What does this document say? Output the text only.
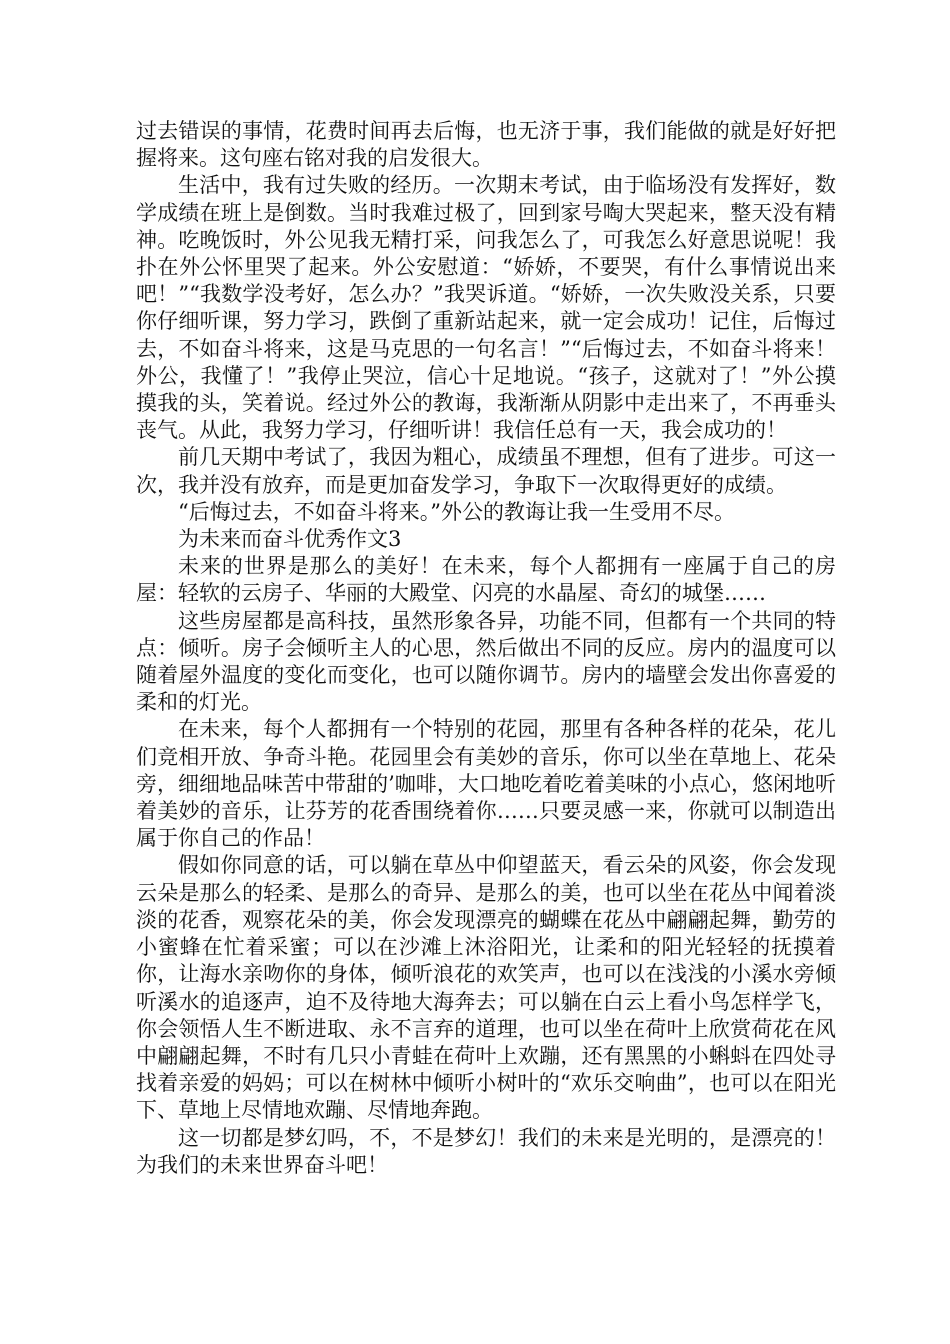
过去错误的事情，花费时间再去后悔，也无济于事，我们能做的就是好好把握将来。这句座右铭对我的启发很大。

生活中，我有过失败的经历。一次期末考试，由于临场没有发挥好，数学成绩在班上是倒数。当时我难过极了，回到家号啕大哭起来，整天没有精神。吃晚饭时，外公见我无精打采，问我怎么了，可我怎么好意思说呢！我扑在外公怀里哭了起来。外公安慰道：“娇娇，不要哭，有什么事情说出来吧！”“我数学没考好，怎么办？”我哭诉道。“娇娇，一次失败没关系，只要你仔细听课，努力学习，跌倒了重新站起来，就一定会成功！记住，后悔过去，不如奋斗将来，这是马克思的一句名言！”“后悔过去，不如奋斗将来！外公，我懂了！”我停止哭泣，信心十足地说。“孩子，这就对了！”外公摸摸我的头，笑着说。经过外公的教诲，我渐渐从阴影中走出来了，不再垂头丧气。从此，我努力学习，仔细听讲！我信任总有一天，我会成功的！

前几天期中考试了，我因为粗心，成绩虽不理想，但有了进步。可这一次，我并没有放弃，而是更加奋发学习，争取下一次取得更好的成绩。

“后悔过去，不如奋斗将来。”外公的教诲让我一生受用不尽。

为未来而奋斗优秀作文3

未来的世界是那么的美好！在未来，每个人都拥有一座属于自己的房屋：轻软的云房子、华丽的大殿堂、闪亮的水晶屋、奇幻的城堡……

这些房屋都是高科技，虽然形象各异，功能不同，但都有一个共同的特点：倾听。房子会倾听主人的心思，然后做出不同的反应。房内的温度可以随着屋外温度的变化而变化，也可以随你调节。房内的墙壁会发出你喜爱的柔和的灯光。

在未来，每个人都拥有一个特别的花园，那里有各种各样的花朵，花儿们竞相开放、争奇斗艳。花园里会有美妙的音乐，你可以坐在草地上、花朵旁，细细地品味苦中带甜的’咖啡，大口地吃着吃着美味的小点心，悠闲地听着美妙的音乐，让芬芳的花香围绕着你……只要灵感一来，你就可以制造出属于你自己的作品！

假如你同意的话，可以躺在草丛中仰望蓝天，看云朵的风姿，你会发现云朵是那么的轻柔、是那么的奇异、是那么的美，也可以坐在花丛中闻着淡淡的花香，观察花朵的美，你会发现漂亮的蝴蝶在花丛中翩翩起舞，勤劳的小蜜蜂在忙着采蜜；可以在沙滩上沐浴阳光，让柔和的阳光轻轻的抚摸着你，让海水亲吻你的身体，倾听浪花的欢笑声，也可以在浅浅的小溪水旁倾听溪水的追逐声，迫不及待地大海奔去；可以躺在白云上看小鸟怎样学飞，你会领悟人生不断进取、永不言弃的道理，也可以坐在荷叶上欣赏荷花在风中翩翩起舞，不时有几只小青蛙在荷叶上欢蹦，还有黑黑的小蝌蚪在四处寻找着亲爱的妈妈；可以在树林中倾听小树叶的“欢乐交响曲”，也可以在阳光下、草地上尽情地欢蹦、尽情地奔跑。

这一切都是梦幻吗，不，不是梦幻！我们的未来是光明的，是漂亮的！为我们的未来世界奋斗吧！
